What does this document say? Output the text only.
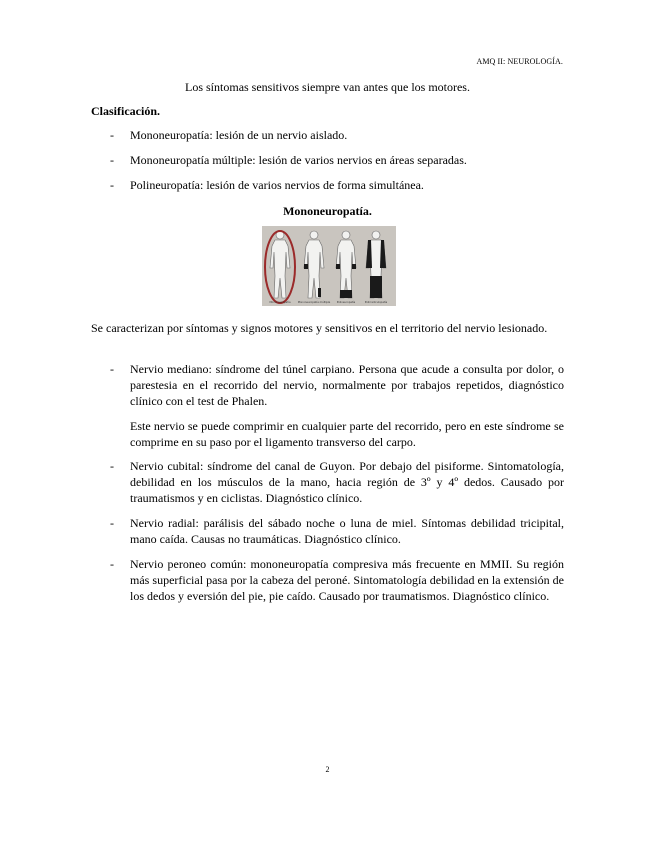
AMQ II: NEUROLOGÍA.
Los síntomas sensitivos siempre van antes que los motores.
Clasificación.
- Mononeuropatía: lesión de un nervio aislado.
- Mononeuropatía múltiple: lesión de varios nervios en áreas separadas.
- Polineuropatía: lesión de varios nervios de forma simultánea.
Mononeuropatía.
Mononeuropatía	Mononeuropatía múltiple Polineuropatía	Polirradiculopatía
Se caracterizan por síntomas y signos motores y sensitivos en el territorio del nervio lesionado.
- Nervio mediano: síndrome del túnel carpiano. Persona que acude a consulta por dolor, o parestesia en el recorrido del nervio, normalmente por trabajos repetidos, diagnóstico clínico con el test de Phalen.
Este nervio se puede comprimir en cualquier parte del recorrido, pero en este síndrome se comprime en su paso por el ligamento transverso del carpo.
- Nervio cubital: síndrome del canal de Guyon. Por debajo del pisiforme. Sintomatología, debilidad en los músculos de la mano, hacia región de 3º y 4º dedos. Causado por traumatismos y en ciclistas. Diagnóstico clínico.
- Nervio radial: parálisis del sábado noche o luna de miel. Síntomas debilidad tricipital, mano caída. Causas no traumáticas. Diagnóstico clínico.
- Nervio peroneo común: mononeuropatía compresiva más frecuente en MMII. Su región más superficial pasa por la cabeza del peroné. Sintomatología debilidad en la extensión de los dedos y eversión del pie, pie caído. Causado por traumatismos. Diagnóstico clínico.
2
